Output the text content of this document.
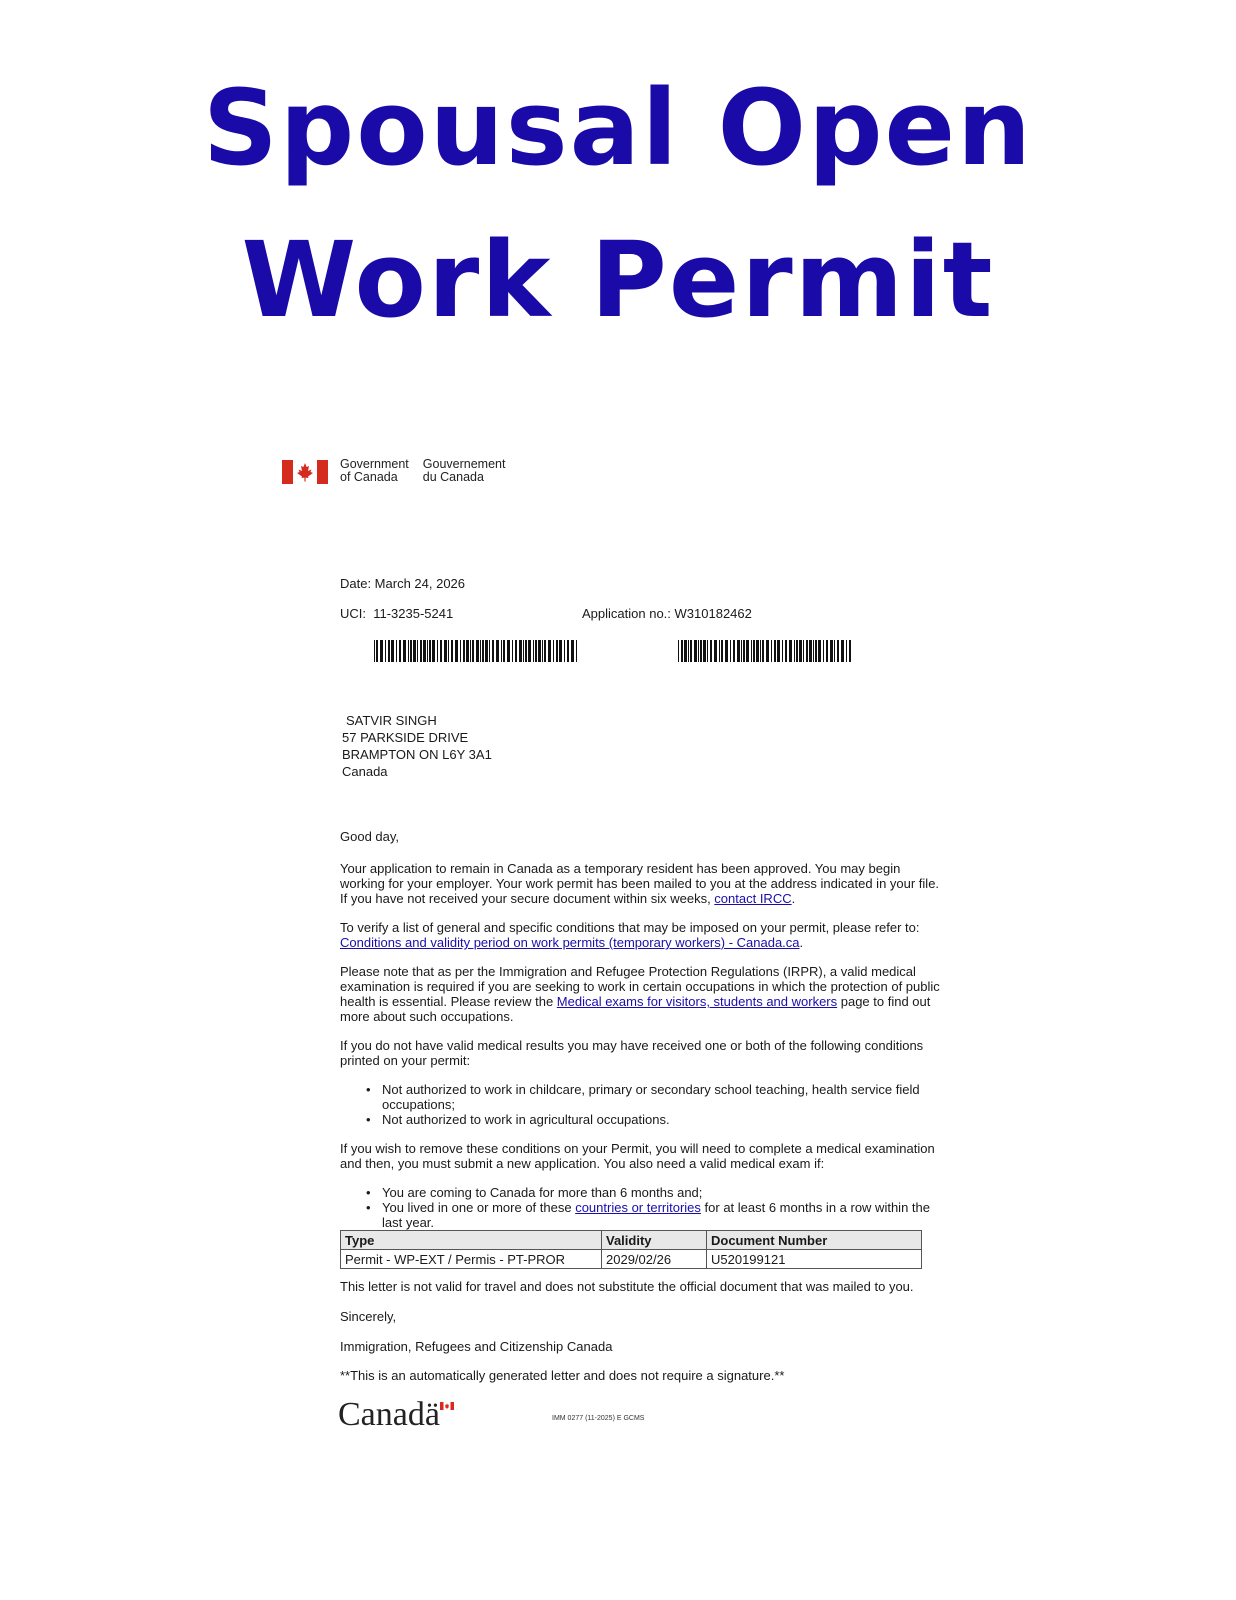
Spousal Open
Work Permit
Government
of Canada
Gouvernement
du Canada
Date: March 24, 2026
UCI: 11-3235-5241	Application no.: W310182462
SATVIR SINGH
57 PARKSIDE DRIVE
BRAMPTON ON L6Y 3A1
Canada

Good day,

Your application to remain in Canada as a temporary resident has been approved. You may begin working for your employer. Your work permit has been mailed to you at the address indicated in your file. If you have not received your secure document within six weeks, contact IRCC.

To verify a list of general and specific conditions that may be imposed on your permit, please refer to: Conditions and validity period on work permits (temporary workers) - Canada.ca.

Please note that as per the Immigration and Refugee Protection Regulations (IRPR), a valid medical examination is required if you are seeking to work in certain occupations in which the protection of public health is essential. Please review the Medical exams for visitors, students and workers page to find out more about such occupations.

If you do not have valid medical results you may have received one or both of the following conditions printed on your permit:

• Not authorized to work in childcare, primary or secondary school teaching, health service field occupations;
• Not authorized to work in agricultural occupations.

If you wish to remove these conditions on your Permit, you will need to complete a medical examination and then, you must submit a new application. You also need a valid medical exam if:

• You are coming to Canada for more than 6 months and;
• You lived in one or more of these countries or territories for at least 6 months in a row within the last year.
Type	Validity	Document Number
Permit - WP-EXT / Permis - PT-PROR	2029/02/26	U520199121

This letter is not valid for travel and does not substitute the official document that was mailed to you.

Sincerely,

Immigration, Refugees and Citizenship Canada

**This is an automatically generated letter and does not require a signature.**

Canadä	IMM 0277 (11-2025) E GCMS
